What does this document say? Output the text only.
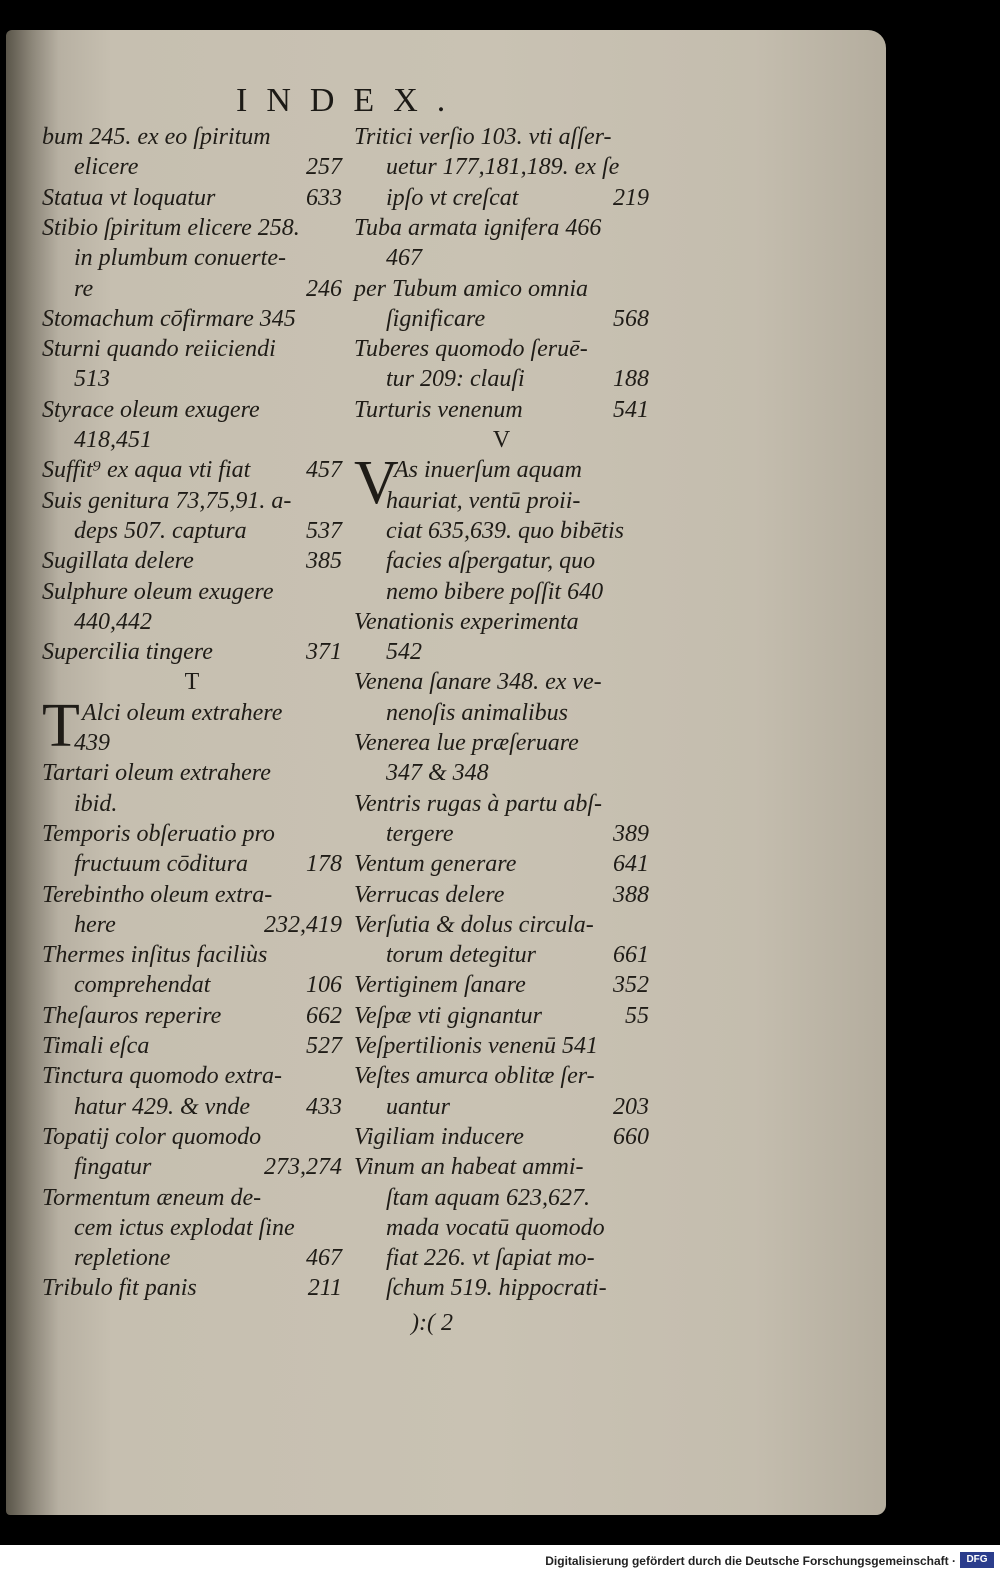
INDEX.
bum 245. ex eo ſpiritum
elicere	257
Statua vt loquatur	633
Stibio ſpiritum elicere 258.
in plumbum conuerte-
re	246
Stomachum cōfirmare 345
Sturni quando reiiciendi
513
Styrace oleum exugere
418,451
Suffit⁹ ex aqua vti fiat 457
Suis genitura 73,75,91. a-
deps 507. captura 537
Sugillata delere	385
Sulphure oleum exugere
440,442
Supercilia tingere	371
T
Alci oleum extrahere
T
439
Tartari oleum extrahere
ibid.
Temporis obſeruatio pro
fructuum cōditura 178
Terebintho oleum extra-
here	232,419
Thermes inſitus faciliùs
comprehendat	106
Theſauros reperire	662
Timali eſca	527
Tinctura quomodo extra-
hatur 429. & vnde 433
Topatij color quomodo
fingatur	273,274
Tormentum æneum de-
cem ictus explodat ſine
repletione	467
Tribulo fit panis	211
Tritici verſio 103. vti aſſer-
uetur 177,181,189. ex ſe
ipſo vt creſcat	219
Tuba armata ignifera 466
467
per Tubum amico omnia
ſignificare	568
Tuberes quomodo ſeruē-
tur 209: clauſi	188
Turturis venenum	541
V
As inuerſum aquam
V
hauriat, ventū proii-
ciat 635,639. quo bibētis
facies aſpergatur, quo
nemo bibere poſſit 640
Venationis experimenta
542
Venena ſanare 348. ex ve-
nenoſis animalibus
Venerea lue præſeruare
347 & 348
Ventris rugas à partu abſ-
tergere	389
Ventum generare	641
Verrucas delere	388
Verſutia & dolus circula-
torum detegitur	661
Vertiginem ſanare	352
Veſpæ vti gignantur	55
Veſpertilionis venenū 541
Veſtes amurca oblitæ ſer-
uantur	203
Vigiliam inducere	660
Vinum an habeat ammi-
ſtam aquam 623,627.
mada vocatū quomodo
fiat 226. vt ſapiat mo-
ſchum 519. hippocrati-
):( 2
Digitalisierung gefördert durch die Deutsche Forschungsgemeinschaft ·	DFG
